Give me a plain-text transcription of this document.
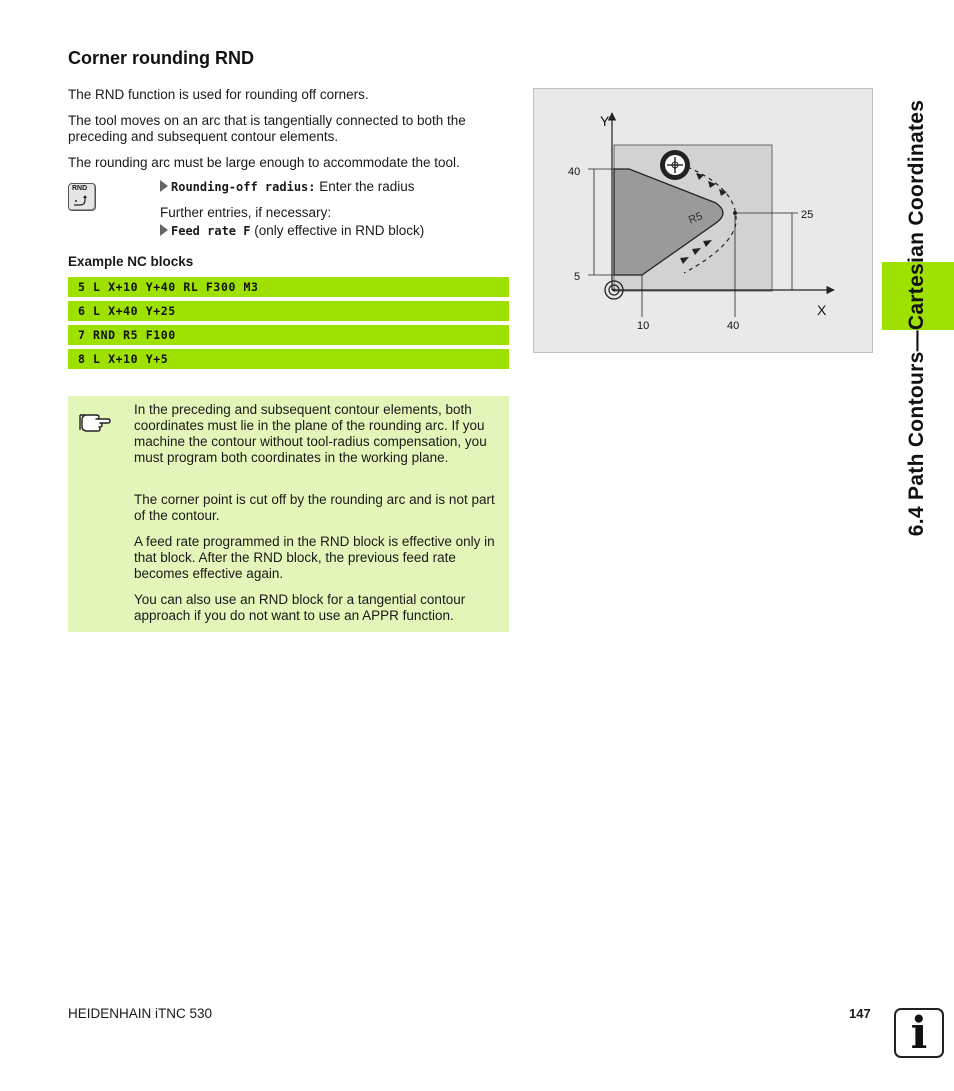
Corner rounding RND

The RND function is used for rounding off corners.

The tool moves on an arc that is tangentially connected to both the preceding and subsequent contour elements.

The rounding arc must be large enough to accommodate the tool.

RND	Rounding-off radius: Enter the radius
Further entries, if necessary:
Feed rate F (only effective in RND block)
Example NC blocks
5 L X+10 Y+40 RL F300 M3
6 L X+40 Y+25
7 RND R5 F100
8 L X+10 Y+5

In the preceding and subsequent contour elements, both coordinates must lie in the plane of the rounding arc. If you machine the contour without tool-radius compensation, you must program both coordinates in the working plane.

The corner point is cut off by the rounding arc and is not part of the contour.

A feed rate programmed in the RND block is effective only in that block. After the RND block, the previous feed rate becomes effective again.

You can also use an RND block for a tangential contour approach if you do not want to use an APPR function.

Y
X
40
5
25
10	40
R5	6.4 Path Contours—Cartesian Coordinates
HEIDENHAIN iTNC 530	147 i
